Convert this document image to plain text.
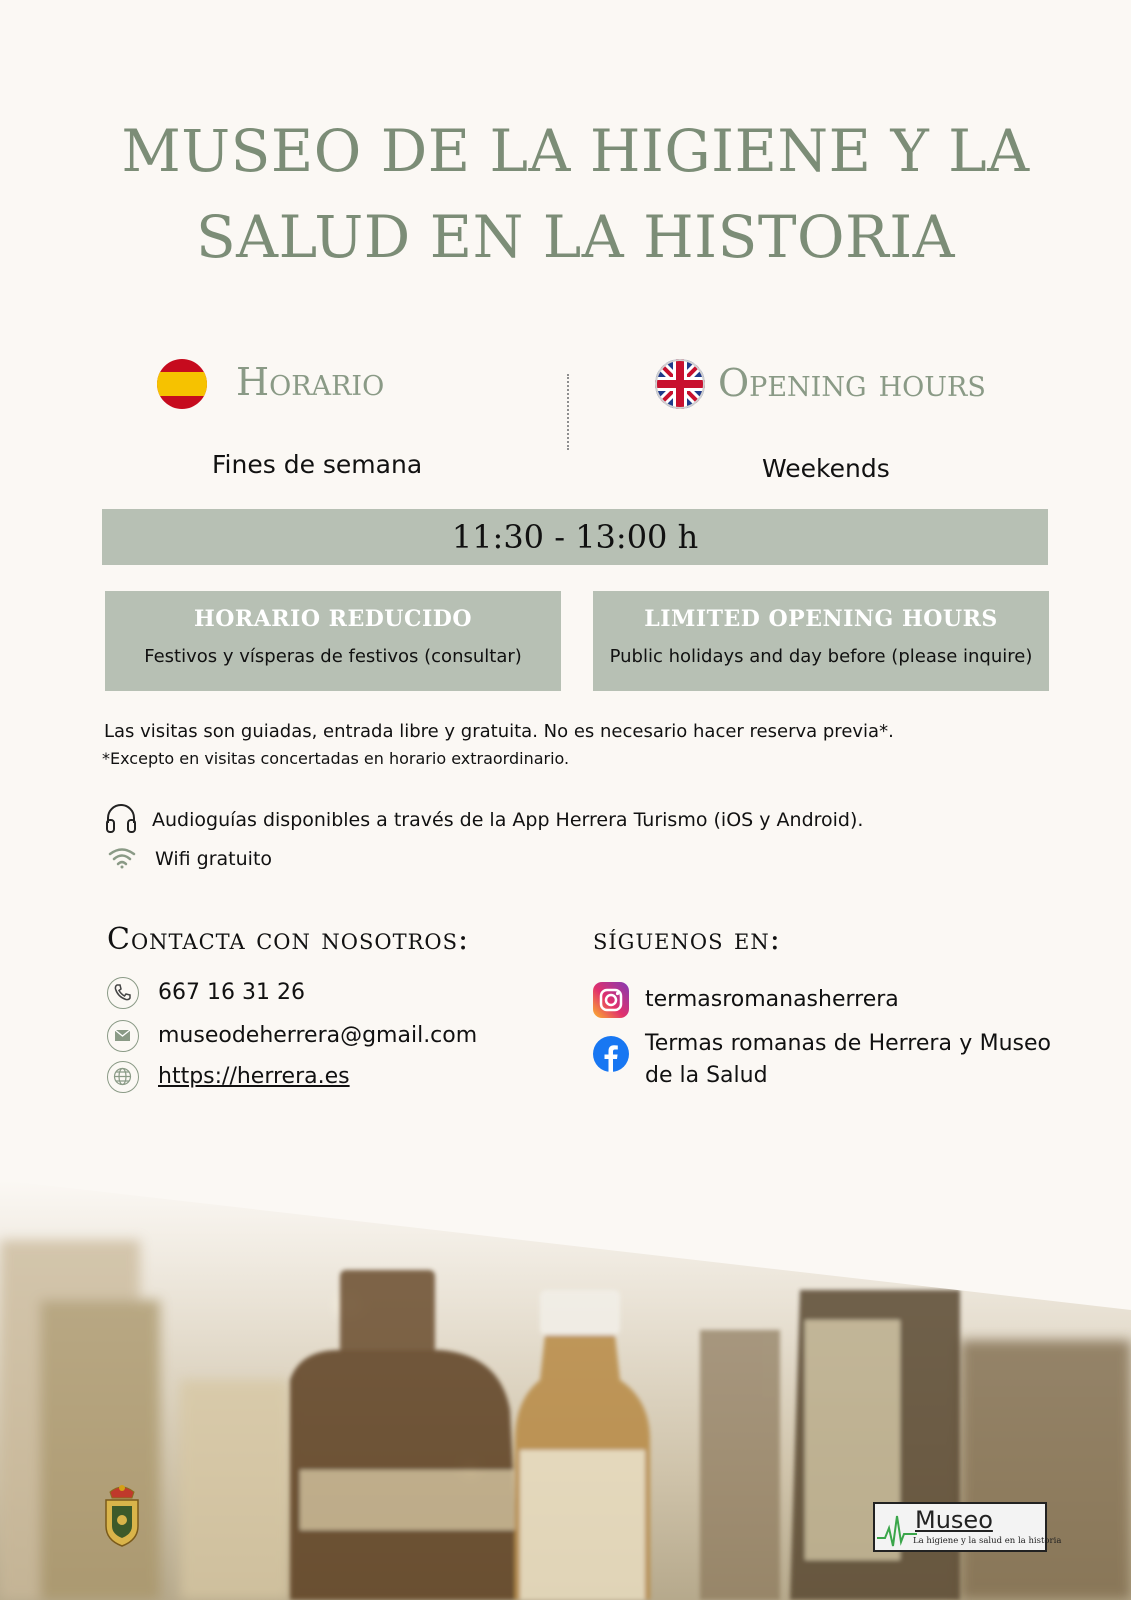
MUSEO DE LA HIGIENE Y LA SALUD EN LA HISTORIA
Horario	Opening hours
Fines de semana	Weekends
11:30 - 13:00 h
HORARIO REDUCIDO
Festivos y vísperas de festivos (consultar)
LIMITED OPENING HOURS
Public holidays and day before (please inquire)
Las visitas son guiadas, entrada libre y gratuita. No es necesario hacer reserva previa*.
*Excepto en visitas concertadas en horario extraordinario.
Audioguías disponibles a través de la App Herrera Turismo (iOS y Android).
Wifi gratuito
Contacta con nosotros:
667 16 31 26
museodeherrera@gmail.com
https://herrera.es
síguenos en:
termasromanasherrera
Termas romanas de Herrera y Museo de la Salud
Museo
La higiene y la salud en la historia
